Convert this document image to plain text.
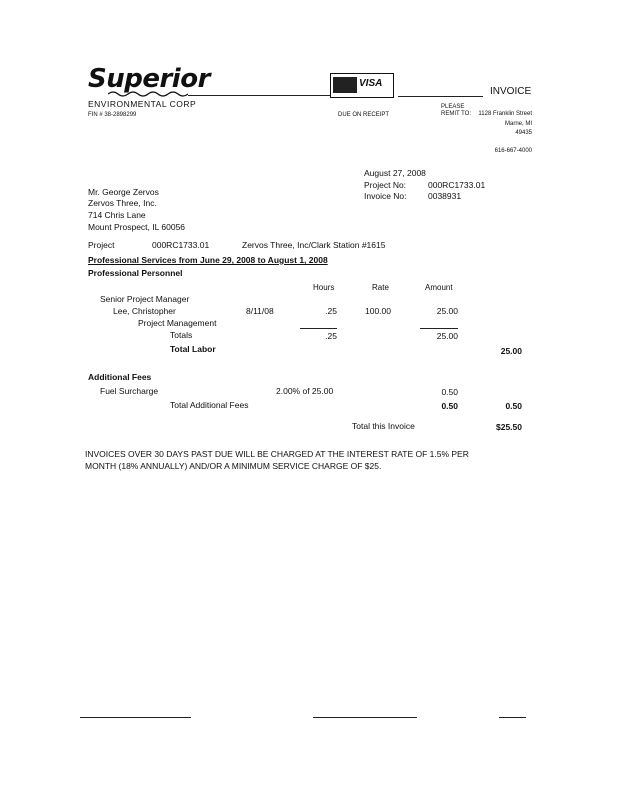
Superior	VISA
INVOICE
ENVIRONMENTAL CORP
FIN # 38-2898299	DUE ON RECEIPT
PLEASE
REMIT TO: 1128 Franklin Street
Marne, MI
49435
616-667-4000
August 27, 2008
Project No:	000RC1733.01
Invoice No:	0038931
Mr. George Zervos
Zervos Three, Inc.
714 Chris Lane
Mount Prospect, IL 60056
Project	000RC1733.01	Zervos Three, Inc/Clark Station #1615
Professional Services from June 29, 2008 to August 1, 2008
Professional Personnel
Hours	Rate	Amount
Senior Project Manager
Lee, Christopher	8/11/08	.25	100.00	25.00
Project Management
Totals	.25	25.00
Total Labor	25.00
Additional Fees
Fuel Surcharge	2.00% of 25.00	0.50
Total Additional Fees	0.50	0.50
Total this Invoice	$25.50
INVOICES OVER 30 DAYS PAST DUE WILL BE CHARGED AT THE INTEREST RATE OF 1.5% PER
MONTH (18% ANNUALLY) AND/OR A MINIMUM SERVICE CHARGE OF $25.
